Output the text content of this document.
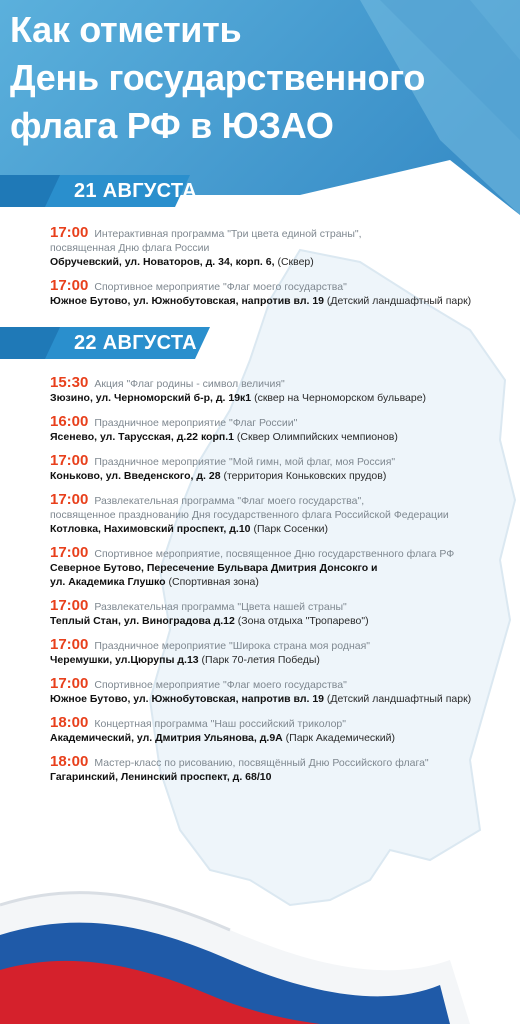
Как отметить
День государственного
флага РФ в ЮЗАО
21 АВГУСТА
17:00 Интерактивная программа "Три цвета единой страны",
посвященная Дню флага России
Обручевский, ул. Новаторов, д. 34, корп. 6, (Сквер)
17:00 Спортивное мероприятие "Флаг моего государства"
Южное Бутово, ул. Южнобутовская, напротив вл. 19 (Детский ландшафтный парк)
22 АВГУСТА
15:30 Акция "Флаг родины - символ величия"
Зюзино, ул. Черноморский б-р, д. 19к1 (сквер на Черноморском бульваре)
16:00 Праздничное мероприятие "Флаг России"
Ясенево, ул. Тарусская, д.22 корп.1 (Сквер Олимпийских чемпионов)
17:00 Праздничное мероприятие "Мой гимн, мой флаг, моя Россия"
Коньково, ул. Введенского, д. 28 (территория Коньковских прудов)
17:00 Развлекательная программа "Флаг моего государства",
посвященное празднованию Дня государственного флага Российской Федерации
Котловка, Нахимовский проспект, д.10 (Парк Сосенки)
17:00 Спортивное мероприятие, посвященное Дню государственного флага РФ
Северное Бутово, Пересечение Бульвара Дмитрия Донсокго и
ул. Академика Глушко (Спортивная зона)
17:00 Развлекательная программа "Цвета нашей страны"
Теплый Стан, ул. Виноградова д.12 (Зона отдыха "Тропарево")
17:00 Праздничное мероприятие "Широка страна моя родная"
Черемушки, ул.Цюрупы д.13 (Парк 70-летия Победы)
17:00 Спортивное мероприятие "Флаг моего государства"
Южное Бутово, ул. Южнобутовская, напротив вл. 19 (Детский ландшафтный парк)
18:00 Концертная программа "Наш российский триколор"
Академический, ул. Дмитрия Ульянова, д.9А (Парк Академический)
18:00 Мастер-класс по рисованию, посвящённый Дню Российского флага"
Гагаринский, Ленинский проспект, д. 68/10
